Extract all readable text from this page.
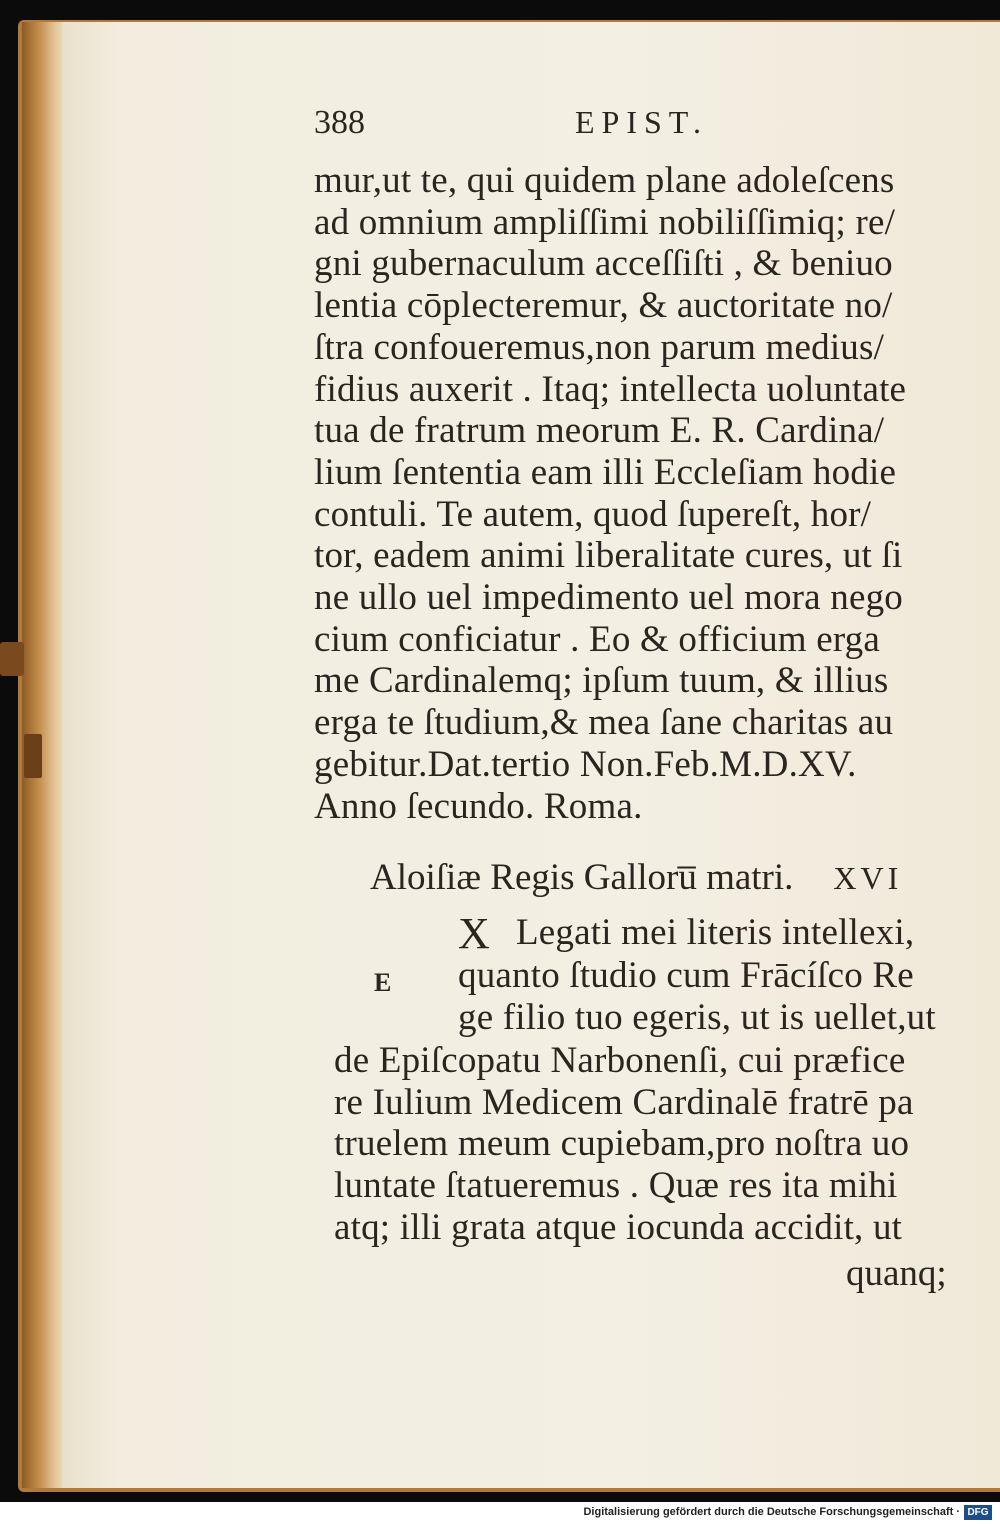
388	EPIST.
mur,ut te, qui quidem plane adoleſcens
ad omnium ampliſſimi nobiliſſimiq; re/
gni gubernaculum acceſſiſti , & beniuo
lentia cōplecteremur, & auctoritate no/
ſtra confoueremus,non parum medius/
fidius auxerit . Itaq; intellecta uoluntate
tua de fratrum meorum E. R. Cardina/
lium ſententia eam illi Eccleſiam hodie
contuli. Te autem, quod ſupereſt, hor/
tor, eadem animi liberalitate cures, ut ſi
ne ullo uel impedimento uel mora nego
cium conficiatur . Eo & officium erga
me Cardinalemq; ipſum tuum, & illius
erga te ſtudium,& mea ſane charitas au
gebitur.Dat.tertio Non.Feb.M.D.XV.
Anno ſecundo. Roma.
Aloiſiæ Regis Galloru̅ matri. XVI
X
E
Legati mei literis intellexi,
quanto ſtudio cum Frācíſco Re
ge filio tuo egeris, ut is uellet,ut
de Epiſcopatu Narbonenſi, cui præfice
re Iulium Medicem Cardinalē fratrē pa
truelem meum cupiebam,pro noſtra uo
luntate ſtatueremus . Quæ res ita mihi
atq; illi grata atque iocunda accidit, ut
quanq;
Digitalisierung gefördert durch die Deutsche Forschungsgemeinschaft · DFG
